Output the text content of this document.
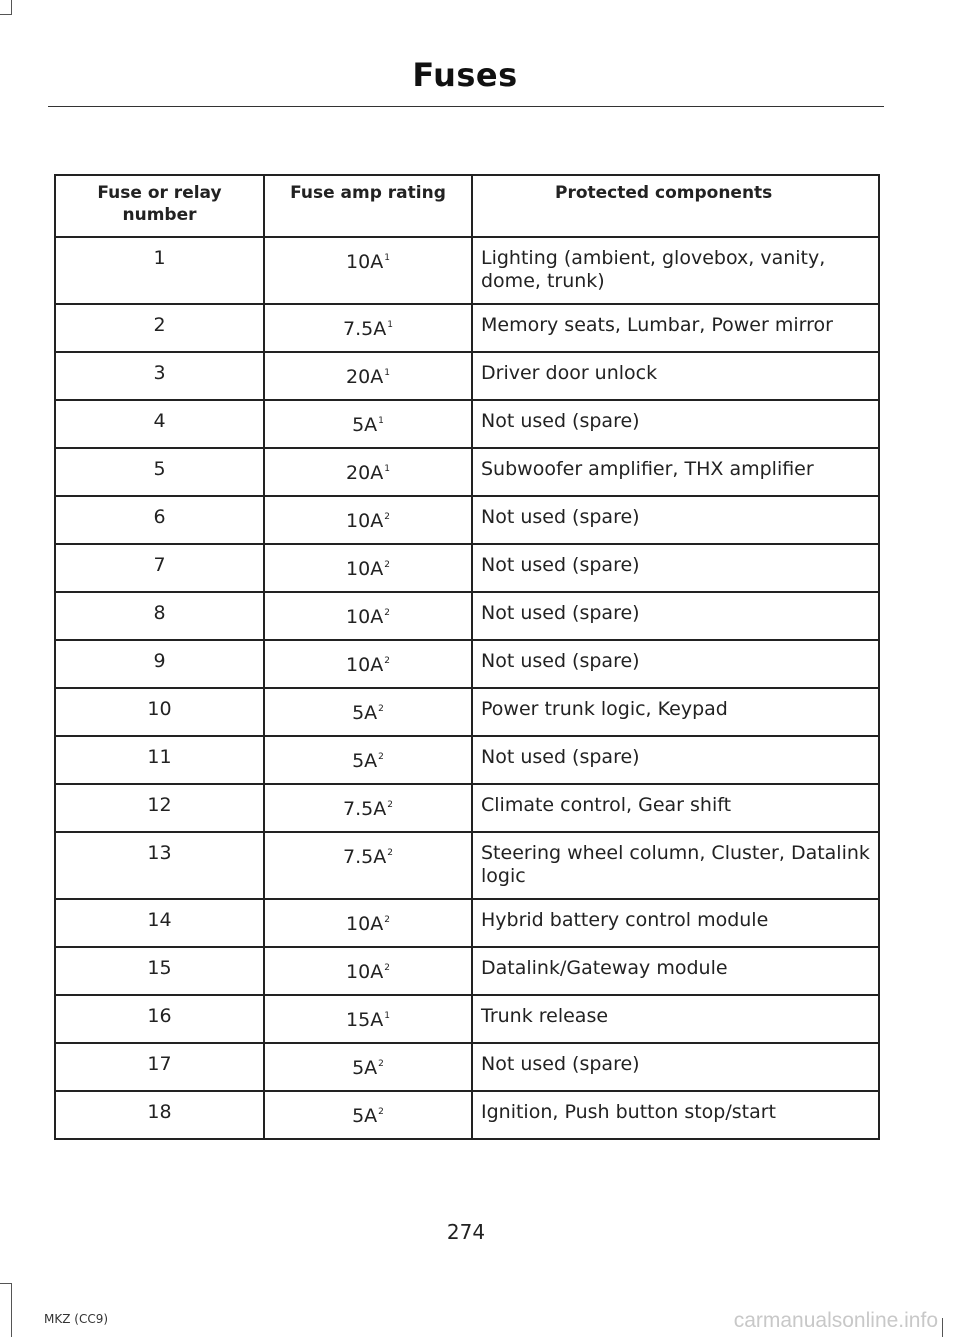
Fuses
Fuse or relay number	Fuse amp rating	Protected components
1	$10A^1$	Lighting (ambient, glovebox, vanity, dome, trunk)
2	$7.5A^1$	Memory seats, Lumbar, Power mirror
3	$20A^1$	Driver door unlock
4	$5A^1$	Not used (spare)
5	$20A^1$	Subwoofer amplifier, THX amplifier
6	$10A^2$	Not used (spare)
7	$10A^2$	Not used (spare)
8	$10A^2$	Not used (spare)
9	$10A^2$	Not used (spare)
10	$5A^2$	Power trunk logic, Keypad
11	$5A^2$	Not used (spare)
12	$7.5A^2$	Climate control, Gear shift
13	$7.5A^2$	Steering wheel column, Cluster, Datalink logic
14	$10A^2$	Hybrid battery control module
15	$10A^2$	Datalink/Gateway module
16	$15A^1$	Trunk release
17	$5A^2$	Not used (spare)
18	$5A^2$	Ignition, Push button stop/start
274
MKZ (CC9)	carmanualsonline.info
